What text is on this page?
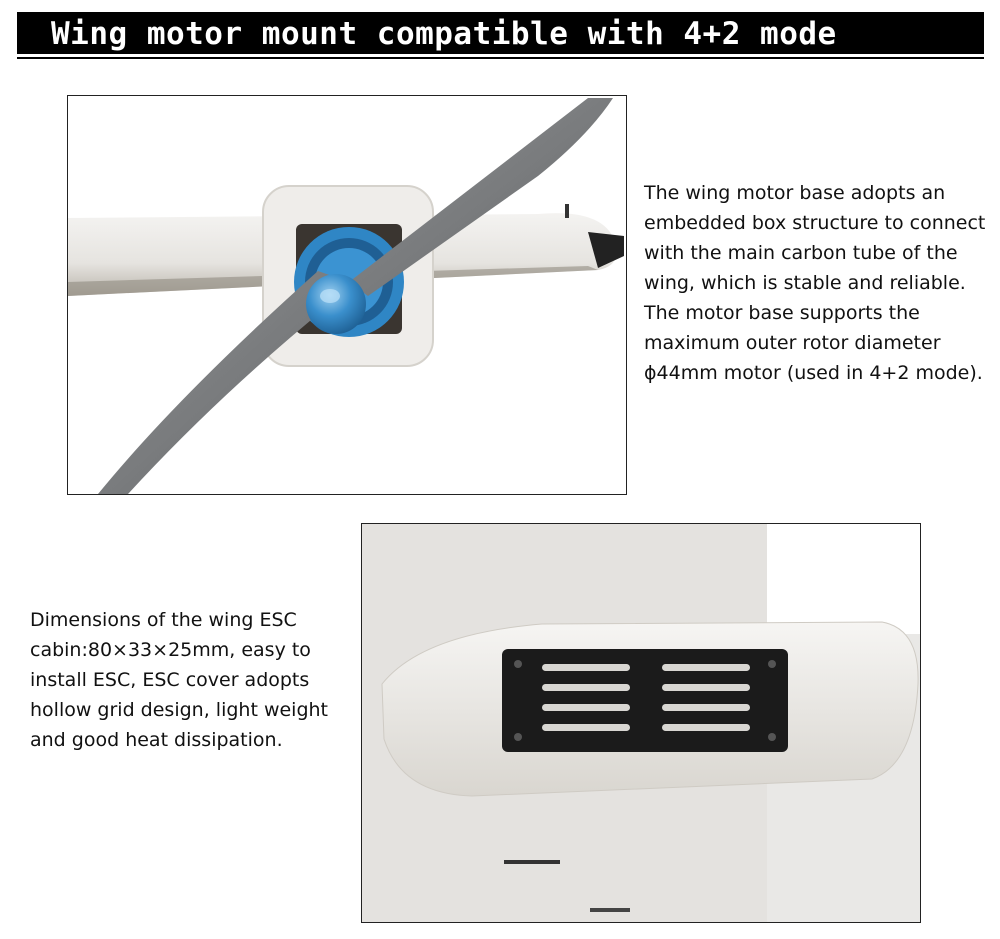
Wing motor mount compatible with 4+2 mode

The wing motor base adopts an embedded box structure to connect with the main carbon tube of the wing, which is stable and reliable.

The motor base supports the maximum outer rotor diameter ϕ44mm motor (used in 4+2 mode).

Dimensions of the wing ESC cabin:80×33×25mm, easy to install ESC, ESC cover adopts hollow grid design, light weight and good heat dissipation.
